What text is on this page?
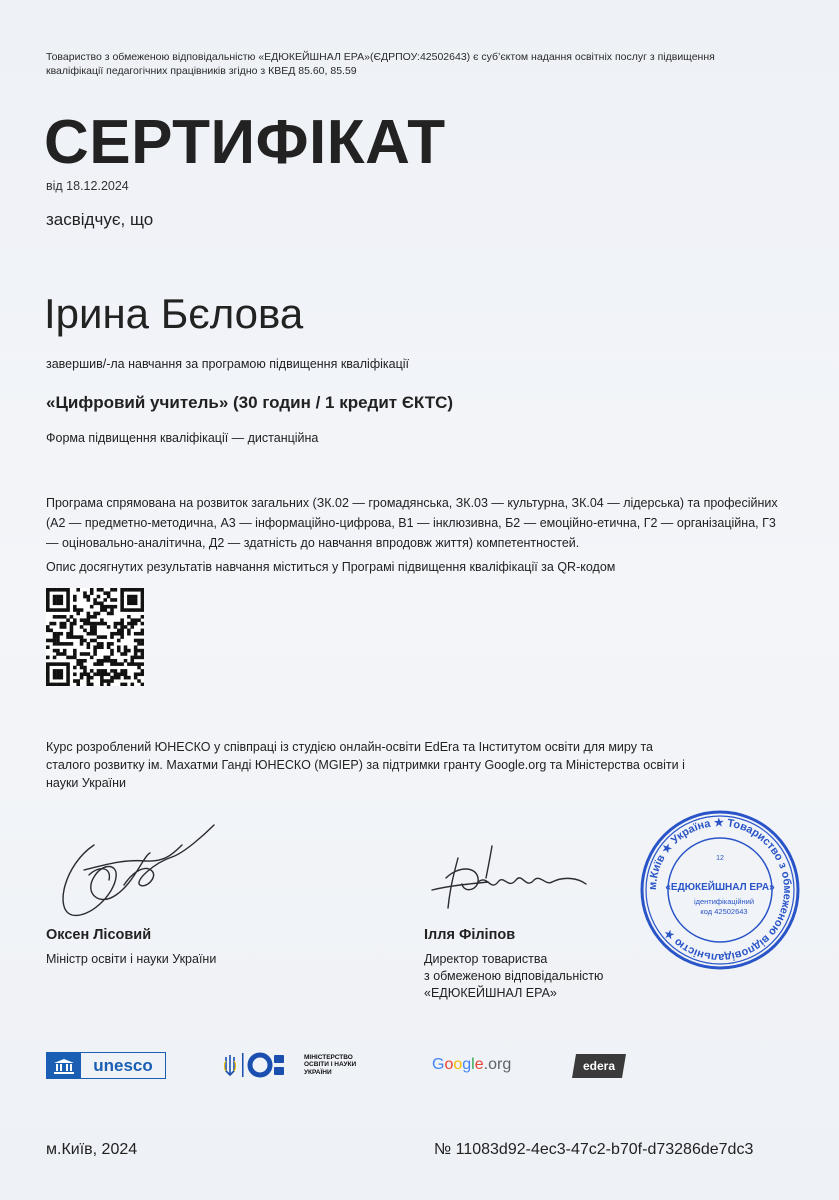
Товариство з обмеженою відповідальністю «ЕДЮКЕЙШНАЛ ЕРА»(ЄДРПОУ:42502643) є суб’єктом надання освітніх послуг з підвищення кваліфікації педагогічних працівників згідно з КВЕД 85.60, 85.59
СЕРТИФІКАТ
від 18.12.2024
засвідчує, що
Ірина Бєлова
завершив/-ла навчання за програмою підвищення кваліфікації
«Цифровий учитель» (30 годин / 1 кредит ЄКТС)
Форма підвищення кваліфікації — дистанційна
Програма спрямована на розвиток загальних (ЗК.02 — громадянська, ЗК.03 — культурна, ЗК.04 — лідерська) та професійних (А2 — предметно-методична, А3 — інформаційно-цифрова, В1 — інклюзивна, Б2 — емоційно-етична, Г2 — організаційна, Г3 — оціновально-аналітична, Д2 — здатність до навчання впродовж життя) компетентностей.
Опис досягнутих результатів навчання міститься у Програмі підвищення кваліфікації за QR-кодом
Курс розроблений ЮНЕСКО у співпраці із студією онлайн-освіти EdEra та Інститутом освіти для миру та сталого розвитку ім. Махатми Ганді ЮНЕСКО (MGIEP) за підтримки гранту Google.org та Міністерства освіти і науки України
м.Київ ★ Україна ★ Товариство з обмеженою відповідальністю ★
12
«ЕДЮКЕЙШНАЛ ЕРА»
ідентифікаційний
код 42502643
Оксен Лісовий
Міністр освіти і науки України
Ілля Філіпов
Директор товариства
з обмеженою відповідальністю
«ЕДЮКЕЙШНАЛ ЕРА»
unesco	МІНІСТЕРСТВО
ОСВІТИ І НАУКИ
УКРАЇНИ	Google.org	edera
м.Київ, 2024	№ 11083d92-4ec3-47c2-b70f-d73286de7dc3
